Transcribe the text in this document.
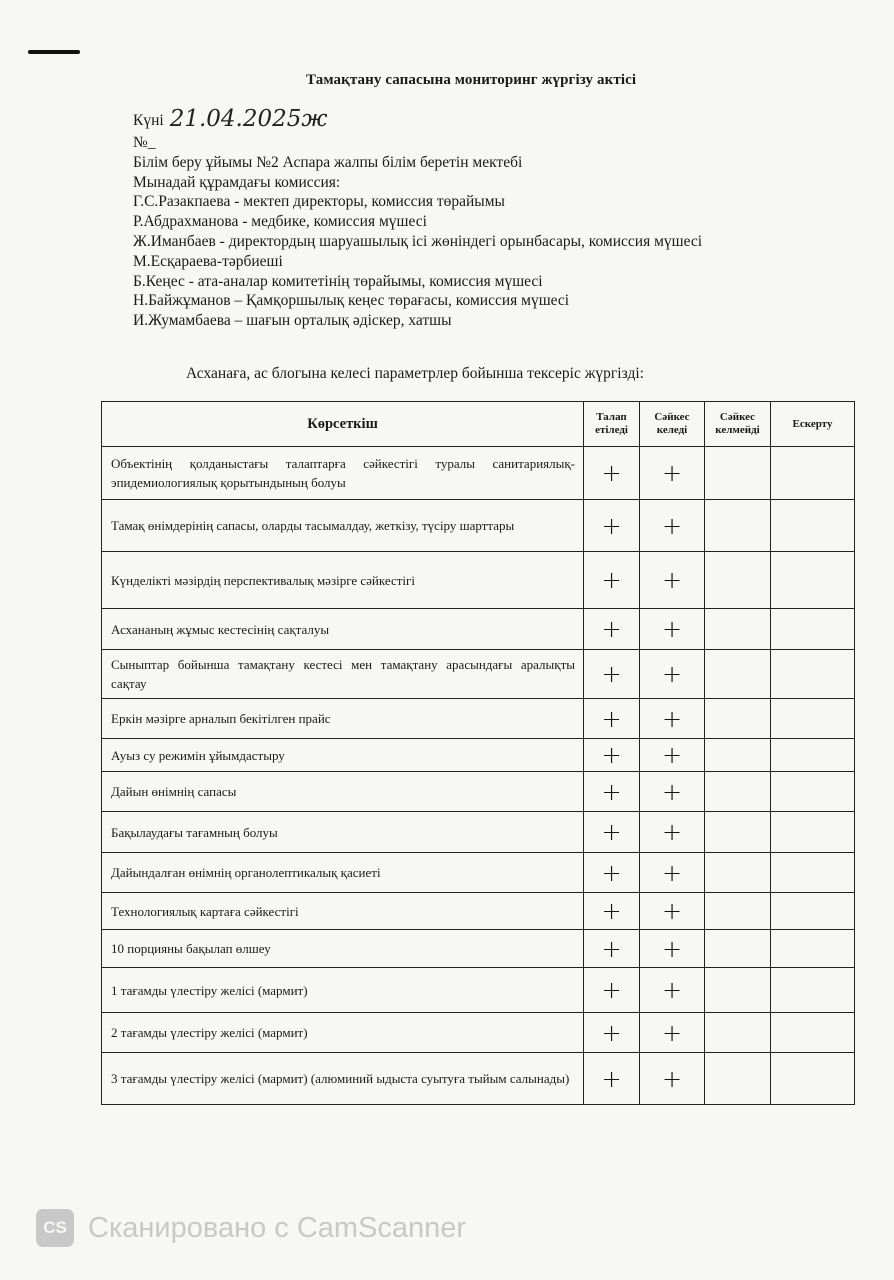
Тамақтану сапасына мониторинг жүргізу актісі
Күні 21.04.2025ж
№_
Білім беру ұйымы №2 Аспара жалпы білім беретін мектебі
Мынадай құрамдағы комиссия:
Г.С.Разакпаева - мектеп директоры, комиссия төрайымы
Р.Абдрахманова - медбике, комиссия мүшесі
Ж.Иманбаев - директордың шаруашылық ісі жөніндегі орынбасары, комиссия мүшесі
М.Есқараева-тәрбиеші
Б.Кеңес - ата-аналар комитетінің төрайымы, комиссия мүшесі
Н.Байжұманов – Қамқоршылық кеңес төрағасы, комиссия мүшесі
И.Жумамбаева – шағын орталық әдіскер, хатшы
Асханаға, ас блогына келесі параметрлер бойынша тексеріс жүргізді:
Көрсеткіш	Талап етіледі	Сәйкес келеді	Сәйкес келмейді	Ескерту
Объектінің қолданыстағы талаптарға сәйкестігі туралы санитариялық-эпидемиологиялық қорытындының болуы	+	+		
Тамақ өнімдерінің сапасы, оларды тасымалдау, жеткізу, түсіру шарттары	+	+		
Күнделікті мәзірдің перспективалық мәзірге сәйкестігі	+	+		
Асхананың жұмыс кестесінің сақталуы	+	+		
Сыныптар бойынша тамақтану кестесі мен тамақтану арасындағы аралықты сақтау	+	+		
Еркін мәзірге арналып бекітілген прайс	+	+		
Ауыз су режимін ұйымдастыру	+	+		
Дайын өнімнің сапасы	+	+		
Бақылаудағы тағамның болуы	+	+		
Дайындалған өнімнің органолептикалық қасиеті	+	+		
Технологиялық картаға сәйкестігі	+	+		
10 порцияны бақылап өлшеу	+	+		
1 тағамды үлестіру желісі (мармит)	+	+		
2 тағамды үлестіру желісі (мармит)	+	+		
3 тағамды үлестіру желісі (мармит) (алюминий ыдыста суытуға тыйым салынады)	+	+		
CS Сканировано с CamScanner
